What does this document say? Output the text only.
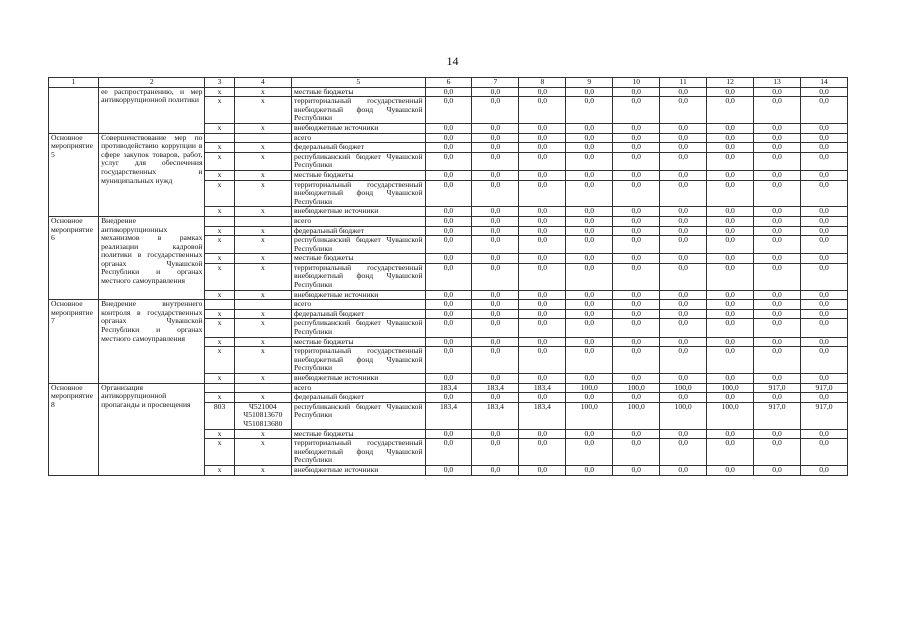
14
1	2	3	4	5	6	7	8	9	10	11	12	13	14
	ее распространению, и мер антикоррупционной политики	x	x	местные бюджеты	0,0	0,0	0,0	0,0	0,0	0,0	0,0	0,0	0,0
		x	x	территориальный государственный внебюджетный фонд Чувашской Республики	0,0	0,0	0,0	0,0	0,0	0,0	0,0	0,0	0,0
		x	x	внебюджетные источники	0,0	0,0	0,0	0,0	0,0	0,0	0,0	0,0	0,0
Основное мероприятие 5	Совершенствование мер по противодействию коррупции в сфере закупок товаров, работ, услуг для обеспечения государственных и муниципальных нужд			всего	0,0	0,0	0,0	0,0	0,0	0,0	0,0	0,0	0,0
		x	x	федеральный бюджет	0,0	0,0	0,0	0,0	0,0	0,0	0,0	0,0	0,0
		x	x	республиканский бюджет Чувашской Республики	0,0	0,0	0,0	0,0	0,0	0,0	0,0	0,0	0,0
		x	x	местные бюджеты	0,0	0,0	0,0	0,0	0,0	0,0	0,0	0,0	0,0
		x	x	территориальный государственный внебюджетный фонд Чувашской Республики	0,0	0,0	0,0	0,0	0,0	0,0	0,0	0,0	0,0
		x	x	внебюджетные источники	0,0	0,0	0,0	0,0	0,0	0,0	0,0	0,0	0,0
Основное мероприятие 6	Внедрение антикоррупционных механизмов в рамках реализации кадровой политики в государственных органах Чувашской Республики и органах местного самоуправления			всего	0,0	0,0	0,0	0,0	0,0	0,0	0,0	0,0	0,0
		x	x	федеральный бюджет	0,0	0,0	0,0	0,0	0,0	0,0	0,0	0,0	0,0
		x	x	республиканский бюджет Чувашской Республики	0,0	0,0	0,0	0,0	0,0	0,0	0,0	0,0	0,0
		x	x	местные бюджеты	0,0	0,0	0,0	0,0	0,0	0,0	0,0	0,0	0,0
		x	x	территориальный государственный внебюджетный фонд Чувашской Республики	0,0	0,0	0,0	0,0	0,0	0,0	0,0	0,0	0,0
		x	x	внебюджетные источники	0,0	0,0	0,0	0,0	0,0	0,0	0,0	0,0	0,0
Основное мероприятие 7	Внедрение внутреннего контроля в государственных органах Чувашской Республики и органах местного самоуправления			всего	0,0	0,0	0,0	0,0	0,0	0,0	0,0	0,0	0,0
		x	x	федеральный бюджет	0,0	0,0	0,0	0,0	0,0	0,0	0,0	0,0	0,0
		x	x	республиканский бюджет Чувашской Республики	0,0	0,0	0,0	0,0	0,0	0,0	0,0	0,0	0,0
		x	x	местные бюджеты	0,0	0,0	0,0	0,0	0,0	0,0	0,0	0,0	0,0
		x	x	территориальный государственный внебюджетный фонд Чувашской Республики	0,0	0,0	0,0	0,0	0,0	0,0	0,0	0,0	0,0
		x	x	внебюджетные источники	0,0	0,0	0,0	0,0	0,0	0,0	0,0	0,0	0,0
Основное мероприятие 8	Организация антикоррупционной пропаганды и просвещения			всего	183,4	183,4	183,4	100,0	100,0	100,0	100,0	917,0	917,0
		x	x	федеральный бюджет	0,0	0,0	0,0	0,0	0,0	0,0	0,0	0,0	0,0
		803	Ч521004 Ч510813670 Ч510813680	республиканский бюджет Чувашской Республики	183,4	183,4	183,4	100,0	100,0	100,0	100,0	917,0	917,0
		x	x	местные бюджеты	0,0	0,0	0,0	0,0	0,0	0,0	0,0	0,0	0,0
		x	x	территориальный государственный внебюджетный фонд Чувашской Республики	0,0	0,0	0,0	0,0	0,0	0,0	0,0	0,0	0,0
		x	x	внебюджетные источники	0,0	0,0	0,0	0,0	0,0	0,0	0,0	0,0	0,0
